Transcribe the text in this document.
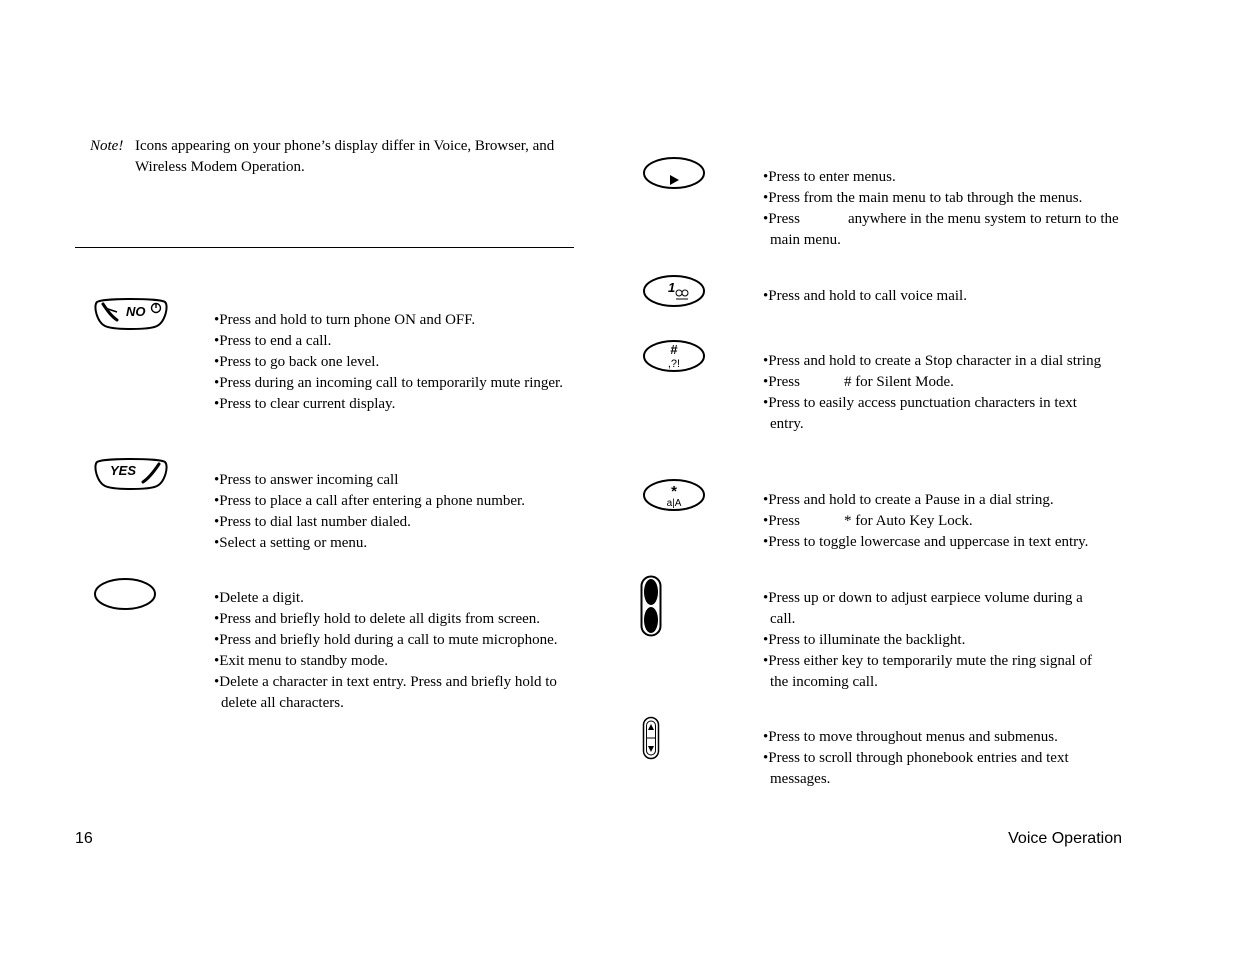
Note! Icons appearing on your phone’s display differ in Voice, Browser, and Wireless Modem Operation.
NO
• Press and hold to turn phone ON and OFF.
• Press to end a call.
• Press to go back one level.
• Press during an incoming call to temporarily mute ringer.
• Press to clear current display.
YES
• Press to answer incoming call
• Press to place a call after entering a phone number.
• Press to dial last number dialed.
• Select a setting or menu.
• Delete a digit.
• Press and briefly hold to delete all digits from screen.
• Press and briefly hold during a call to mute microphone.
• Exit menu to standby mode.
• Delete a character in text entry. Press and briefly hold to delete all characters.
• Press to enter menus.
• Press from the main menu to tab through the menus.
• Press	anywhere in the menu system to return to the main menu.
1
• Press and hold to call voice mail.
#
,?!	• Press and hold to create a Stop character in a dial string
• Press	# for Silent Mode.
• Press to easily access punctuation characters in text entry.
*
a|A	• Press and hold to create a Pause in a dial string.
• Press	* for Auto Key Lock.
• Press to toggle lowercase and uppercase in text entry.
• Press up or down to adjust earpiece volume during a call.
• Press to illuminate the backlight.
• Press either key to temporarily mute the ring signal of the incoming call.
• Press to move throughout menus and submenus.
• Press to scroll through phonebook entries and text messages.
16	Voice Operation
